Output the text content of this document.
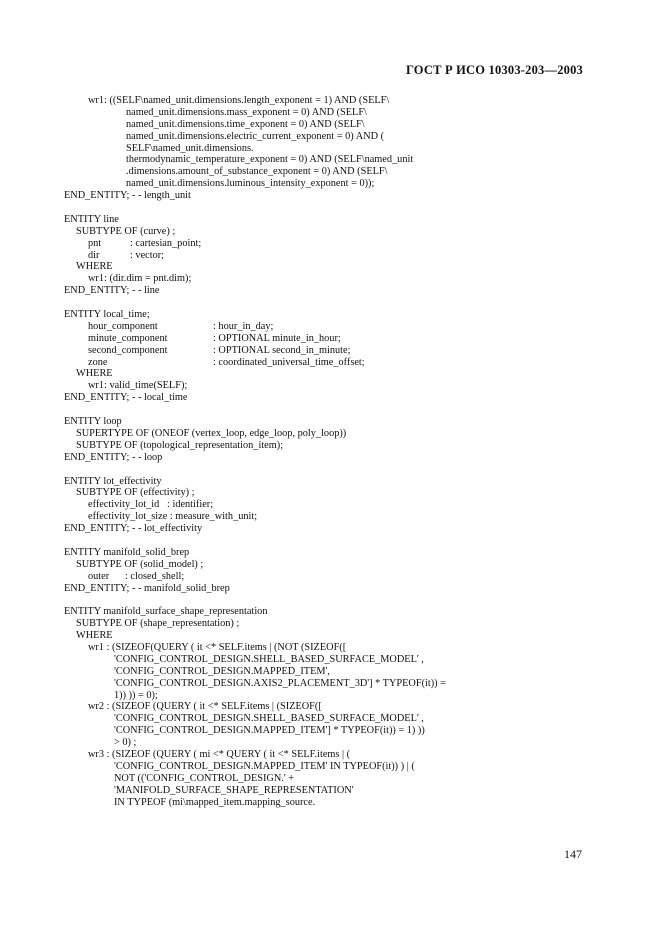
ГОСТ Р ИСО 10303-203—2003
wr1: ((SELF\named_unit.dimensions.length_exponent = 1) AND (SELF\
named_unit.dimensions.mass_exponent = 0) AND (SELF\
named_unit.dimensions.time_exponent = 0) AND (SELF\
named_unit.dimensions.electric_current_exponent = 0) AND (
SELF\named_unit.dimensions.
thermodynamic_temperature_exponent = 0) AND (SELF\named_unit
.dimensions.amount_of_substance_exponent = 0) AND (SELF\
named_unit.dimensions.luminous_intensity_exponent = 0));
END_ENTITY; - - length_unit
ENTITY line
SUBTYPE OF (curve) ;
pnt	: cartesian_point;
dir	: vector;
WHERE
wr1: (dir.dim = pnt.dim);
END_ENTITY; - - line
ENTITY local_time;
hour_component	: hour_in_day;
minute_component	: OPTIONAL minute_in_hour;
second_component	: OPTIONAL second_in_minute;
zone	: coordinated_universal_time_offset;
WHERE
wr1: valid_time(SELF);
END_ENTITY; - - local_time
ENTITY loop
SUPERTYPE OF (ONEOF (vertex_loop, edge_loop, poly_loop))
SUBTYPE OF (topological_representation_item);
END_ENTITY; - - loop
ENTITY lot_effectivity
SUBTYPE OF (effectivity) ;
effectivity_lot_id   : identifier;
effectivity_lot_size : measure_with_unit;
END_ENTITY; - - lot_effectivity
ENTITY manifold_solid_brep
SUBTYPE OF (solid_model) ;
outer	: closed_shell;
END_ENTITY; - - manifold_solid_brep
ENTITY manifold_surface_shape_representation
SUBTYPE OF (shape_representation) ;
WHERE
wr1 : (SIZEOF(QUERY ( it <* SELF.items | (NOT (SIZEOF([
'CONFIG_CONTROL_DESIGN.SHELL_BASED_SURFACE_MODEL' ,
'CONFIG_CONTROL_DESIGN.MAPPED_ITEM',
'CONFIG_CONTROL_DESIGN.AXIS2_PLACEMENT_3D'] * TYPEOF(it)) =
1)) )) = 0);
wr2 : (SIZEOF (QUERY ( it <* SELF.items | (SIZEOF([
'CONFIG_CONTROL_DESIGN.SHELL_BASED_SURFACE_MODEL' ,
'CONFIG_CONTROL_DESIGN.MAPPED_ITEM'] * TYPEOF(it)) = 1) ))
> 0) ;
wr3 : (SIZEOF (QUERY ( mi <* QUERY ( it <* SELF.items | (
'CONFIG_CONTROL_DESIGN.MAPPED_ITEM' IN TYPEOF(it)) ) | (
NOT (('CONFIG_CONTROL_DESIGN.' +
'MANIFOLD_SURFACE_SHAPE_REPRESENTATION'
IN TYPEOF (mi\mapped_item.mapping_source.
147
